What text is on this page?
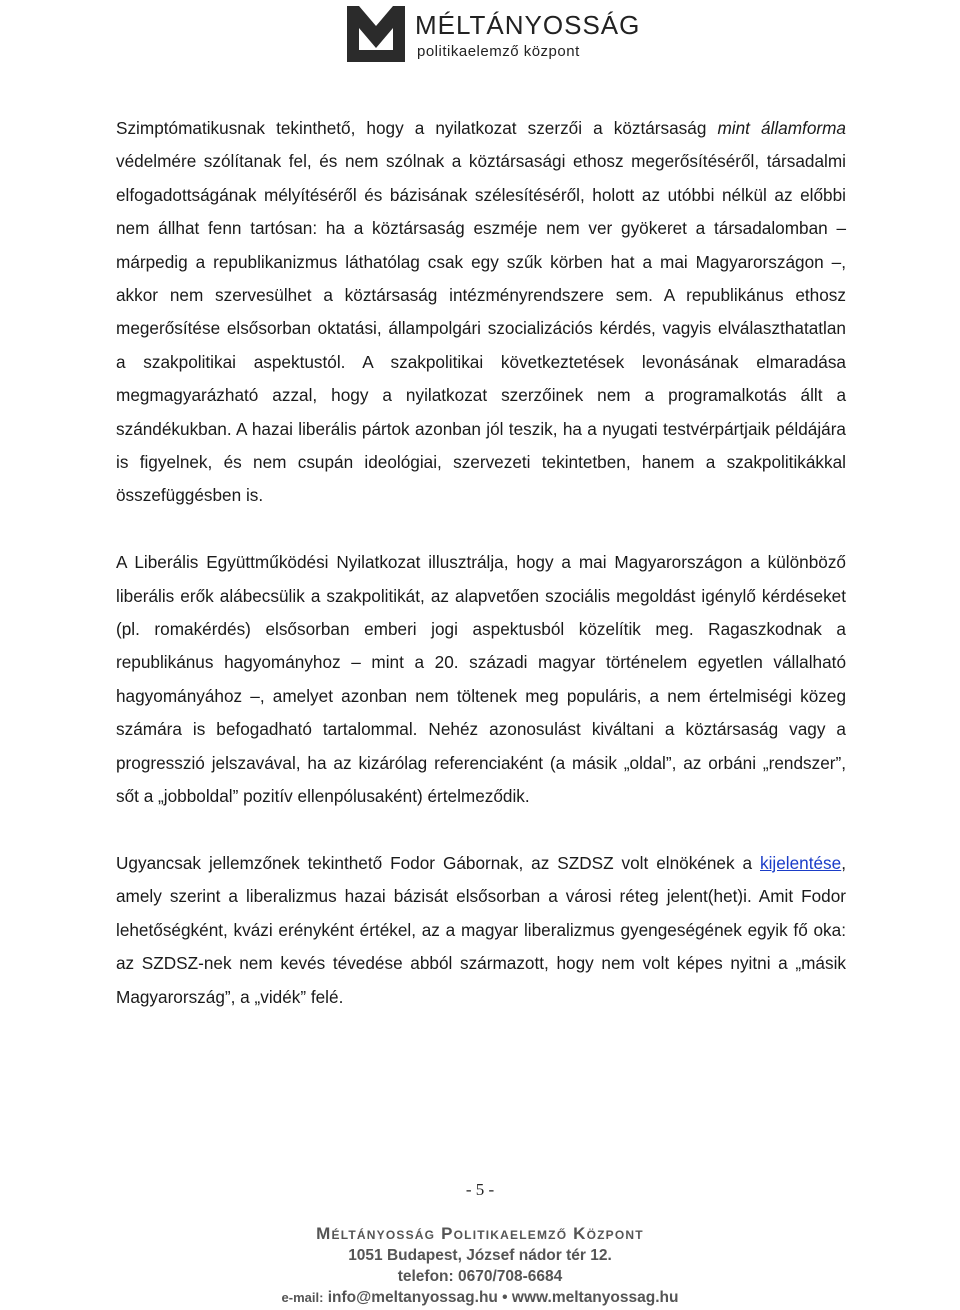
MÉLTÁNYOSSÁG
politikaelemző központ

Szimptómatikusnak tekinthető, hogy a nyilatkozat szerzői a köztársaság mint államforma védelmére szólítanak fel, és nem szólnak a köztársasági ethosz megerősítéséről, társadalmi elfogadottságának mélyítéséről és bázisának szélesítéséről, holott az utóbbi nélkül az előbbi nem állhat fenn tartósan: ha a köztársaság eszméje nem ver gyökeret a társadalomban – márpedig a republikanizmus láthatólag csak egy szűk körben hat a mai Magyarországon –, akkor nem szervesülhet a köztársaság intézményrendszere sem. A republikánus ethosz megerősítése elsősorban oktatási, állampolgári szocializációs kérdés, vagyis elválaszthatatlan a szakpolitikai aspektustól. A szakpolitikai következtetések levonásának elmaradása megmagyarázható azzal, hogy a nyilatkozat szerzőinek nem a programalkotás állt a szándékukban. A hazai liberális pártok azonban jól teszik, ha a nyugati testvérpártjaik példájára is figyelnek, és nem csupán ideológiai, szervezeti tekintetben, hanem a szakpolitikákkal összefüggésben is.

A Liberális Együttműködési Nyilatkozat illusztrálja, hogy a mai Magyarországon a különböző liberális erők alábecsülik a szakpolitikát, az alapvetően szociális megoldást igénylő kérdéseket (pl. romakérdés) elsősorban emberi jogi aspektusból közelítik meg. Ragaszkodnak a republikánus hagyományhoz – mint a 20. századi magyar történelem egyetlen vállalható hagyományához –, amelyet azonban nem töltenek meg populáris, a nem értelmiségi közeg számára is befogadható tartalommal. Nehéz azonosulást kiváltani a köztársaság vagy a progresszió jelszavával, ha az kizárólag referenciaként (a másik „oldal”, az orbáni „rendszer”, sőt a „jobboldal” pozitív ellenpólusaként) értelmeződik.

Ugyancsak jellemzőnek tekinthető Fodor Gábornak, az SZDSZ volt elnökének a kijelentése, amely szerint a liberalizmus hazai bázisát elsősorban a városi réteg jelent(het)i. Amit Fodor lehetőségként, kvázi erényként értékel, az a magyar liberalizmus gyengeségének egyik fő oka: az SZDSZ-nek nem kevés tévedése abból származott, hogy nem volt képes nyitni a „másik Magyarország”, a „vidék” felé.

- 5 -
Méltányosság Politikaelemző Központ
1051 Budapest, József nádor tér 12.
telefon: 0670/708-6684
e-mail: info@meltanyossag.hu • www.meltanyossag.hu
